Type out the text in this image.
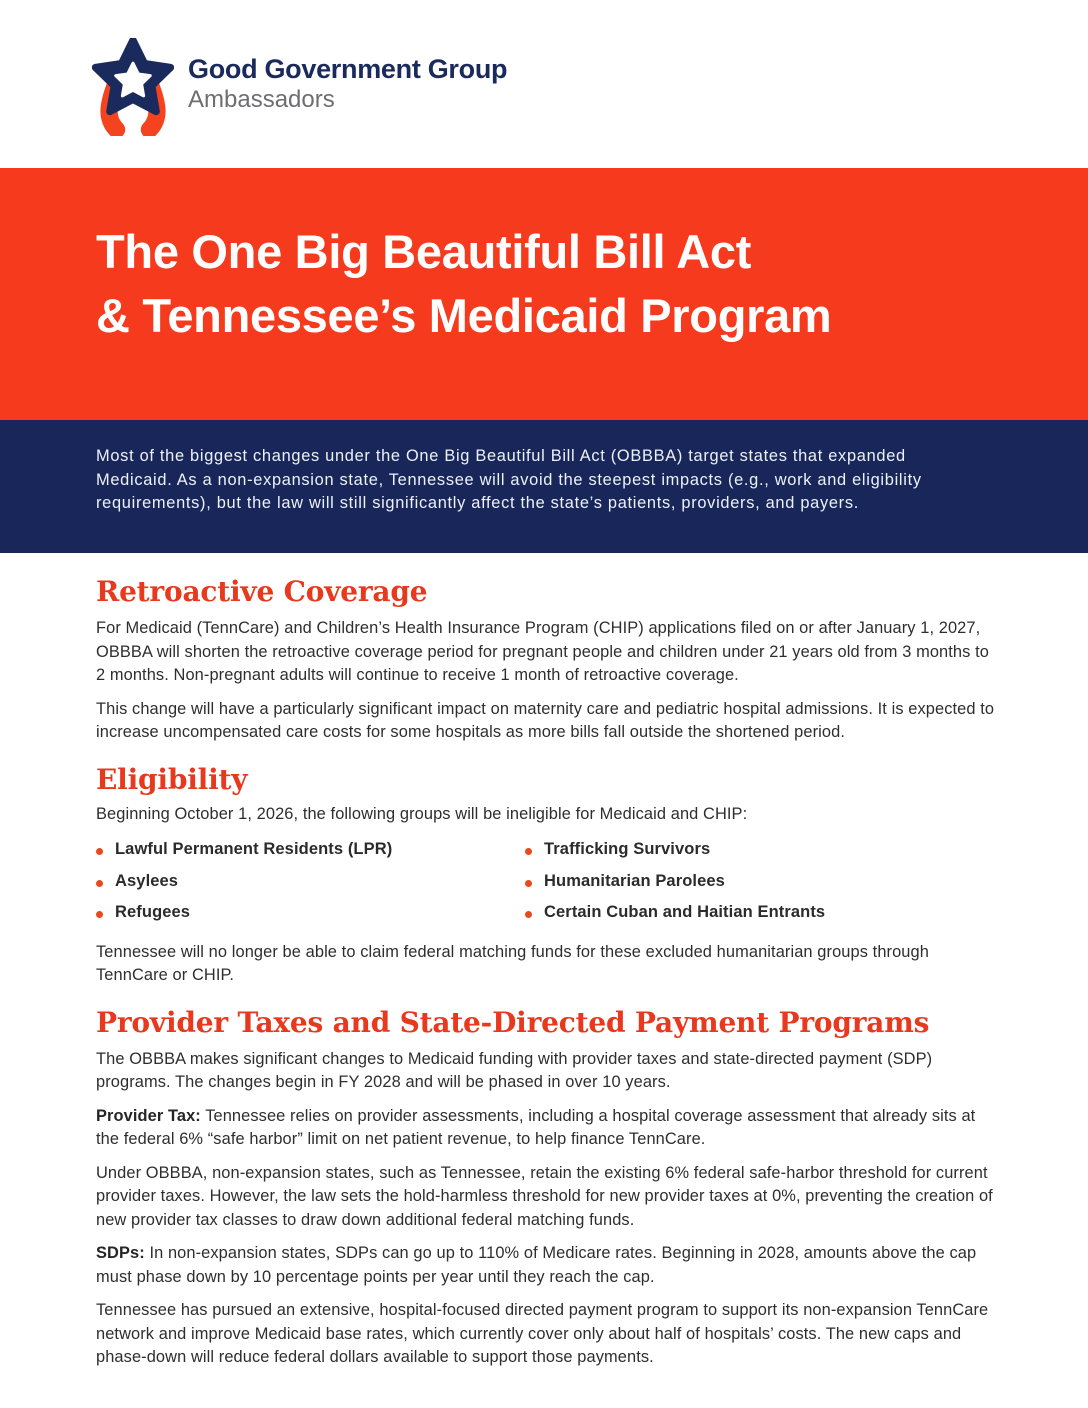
Good Government Group
Ambassadors
The One Big Beautiful Bill Act
& Tennessee’s Medicaid Program
Most of the biggest changes under the One Big Beautiful Bill Act (OBBBA) target states that expanded Medicaid. As a non-expansion state, Tennessee will avoid the steepest impacts (e.g., work and eligibility requirements), but the law will still significantly affect the state’s patients, providers, and payers.
Retroactive Coverage

For Medicaid (TennCare) and Children’s Health Insurance Program (CHIP) applications filed on or after January 1, 2027, OBBBA will shorten the retroactive coverage period for pregnant people and children under 21 years old from 3 months to 2 months. Non-pregnant adults will continue to receive 1 month of retroactive coverage.

This change will have a particularly significant impact on maternity care and pediatric hospital admissions. It is expected to increase uncompensated care costs for some hospitals as more bills fall outside the shortened period.

Eligibility

Beginning October 1, 2026, the following groups will be ineligible for Medicaid and CHIP:

Lawful Permanent Residents (LPR)
Asylees
Refugees
Trafficking Survivors
Humanitarian Parolees
Certain Cuban and Haitian Entrants

Tennessee will no longer be able to claim federal matching funds for these excluded humanitarian groups through TennCare or CHIP.

Provider Taxes and State-Directed Payment Programs

The OBBBA makes significant changes to Medicaid funding with provider taxes and state-directed payment (SDP) programs. The changes begin in FY 2028 and will be phased in over 10 years.

Provider Tax: Tennessee relies on provider assessments, including a hospital coverage assessment that already sits at the federal 6% “safe harbor” limit on net patient revenue, to help finance TennCare.

Under OBBBA, non-expansion states, such as Tennessee, retain the existing 6% federal safe-harbor threshold for current provider taxes. However, the law sets the hold-harmless threshold for new provider taxes at 0%, preventing the creation of new provider tax classes to draw down additional federal matching funds.

SDPs: In non-expansion states, SDPs can go up to 110% of Medicare rates. Beginning in 2028, amounts above the cap must phase down by 10 percentage points per year until they reach the cap.

Tennessee has pursued an extensive, hospital-focused directed payment program to support its non-expansion TennCare network and improve Medicaid base rates, which currently cover only about half of hospitals’ costs. The new caps and phase-down will reduce federal dollars available to support those payments.
